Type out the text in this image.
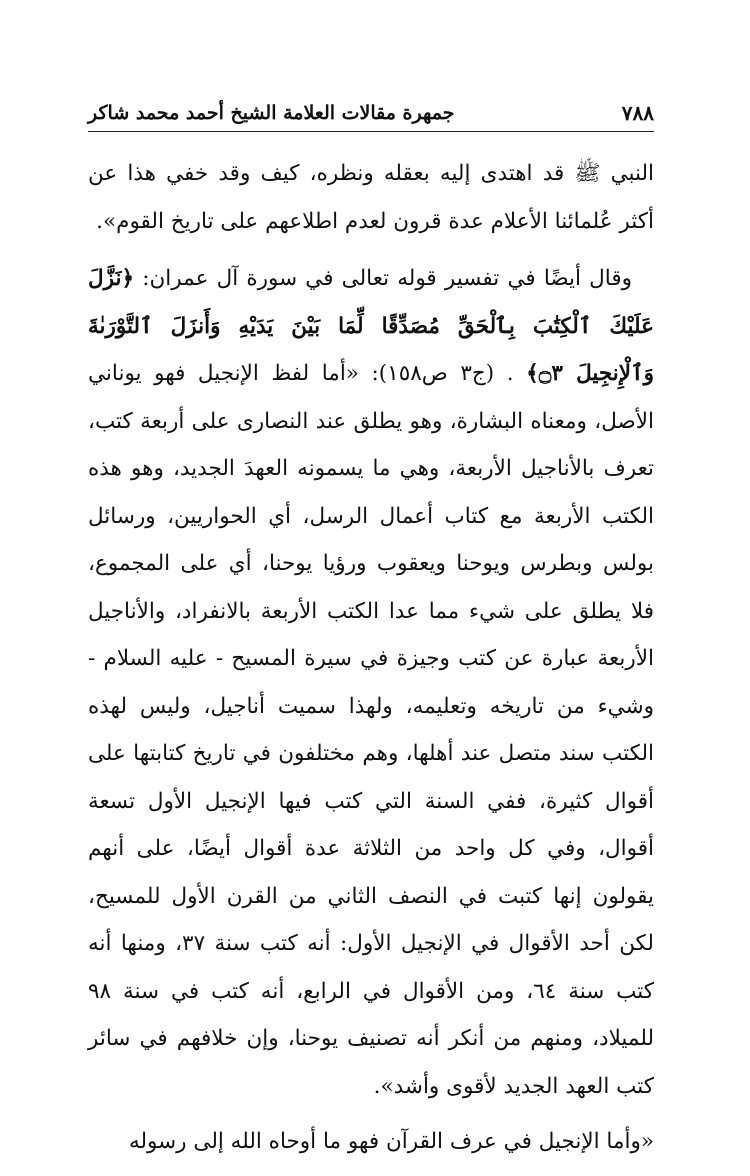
٧٨٨
جمهرة مقالات العلامة الشيخ أحمد محمد شاكر

النبي ﷺ قد اهتدى إليه بعقله ونظره، كيف وقد خفي هذا عن أكثر عُلمائنا الأعلام عدة قرون لعدم اطلاعهم على تاريخ القوم».

وقال أيضًا في تفسير قوله تعالى في سورة آل عمران: ﴿نَزَّلَ عَلَيْكَ ٱلْكِتَٰبَ بِٱلْحَقِّ مُصَدِّقًا لِّمَا بَيْنَ يَدَيْهِ وَأَنزَلَ ٱلتَّوْرَىٰةَ وَٱلْإِنجِيلَ ۝٣﴾ . (ج٣ ص١٥٨): «أما لفظ الإنجيل فهو يوناني الأصل، ومعناه البشارة، وهو يطلق عند النصارى على أربعة كتب، تعرف بالأناجيل الأربعة، وهي ما يسمونه العهدَ الجديد، وهو هذه الكتب الأربعة مع كتاب أعمال الرسل، أي الحواريين، ورسائل بولس وبطرس ويوحنا ويعقوب ورؤيا يوحنا، أي على المجموع، فلا يطلق على شيء مما عدا الكتب الأربعة بالانفراد، والأناجيل الأربعة عبارة عن كتب وجيزة في سيرة المسيح - عليه السلام - وشيء من تاريخه وتعليمه، ولهذا سميت أناجيل، وليس لهذه الكتب سند متصل عند أهلها، وهم مختلفون في تاريخ كتابتها على أقوال كثيرة، ففي السنة التي كتب فيها الإنجيل الأول تسعة أقوال، وفي كل واحد من الثلاثة عدة أقوال أيضًا، على أنهم يقولون إنها كتبت في النصف الثاني من القرن الأول للمسيح، لكن أحد الأقوال في الإنجيل الأول: أنه كتب سنة ٣٧، ومنها أنه كتب سنة ٦٤، ومن الأقوال في الرابع، أنه كتب في سنة ٩٨ للميلاد، ومنهم من أنكر أنه تصنيف يوحنا، وإن خلافهم في سائر كتب العهد الجديد لأقوى وأشد».

«وأما الإنجيل في عرف القرآن فهو ما أوحاه الله إلى رسوله
